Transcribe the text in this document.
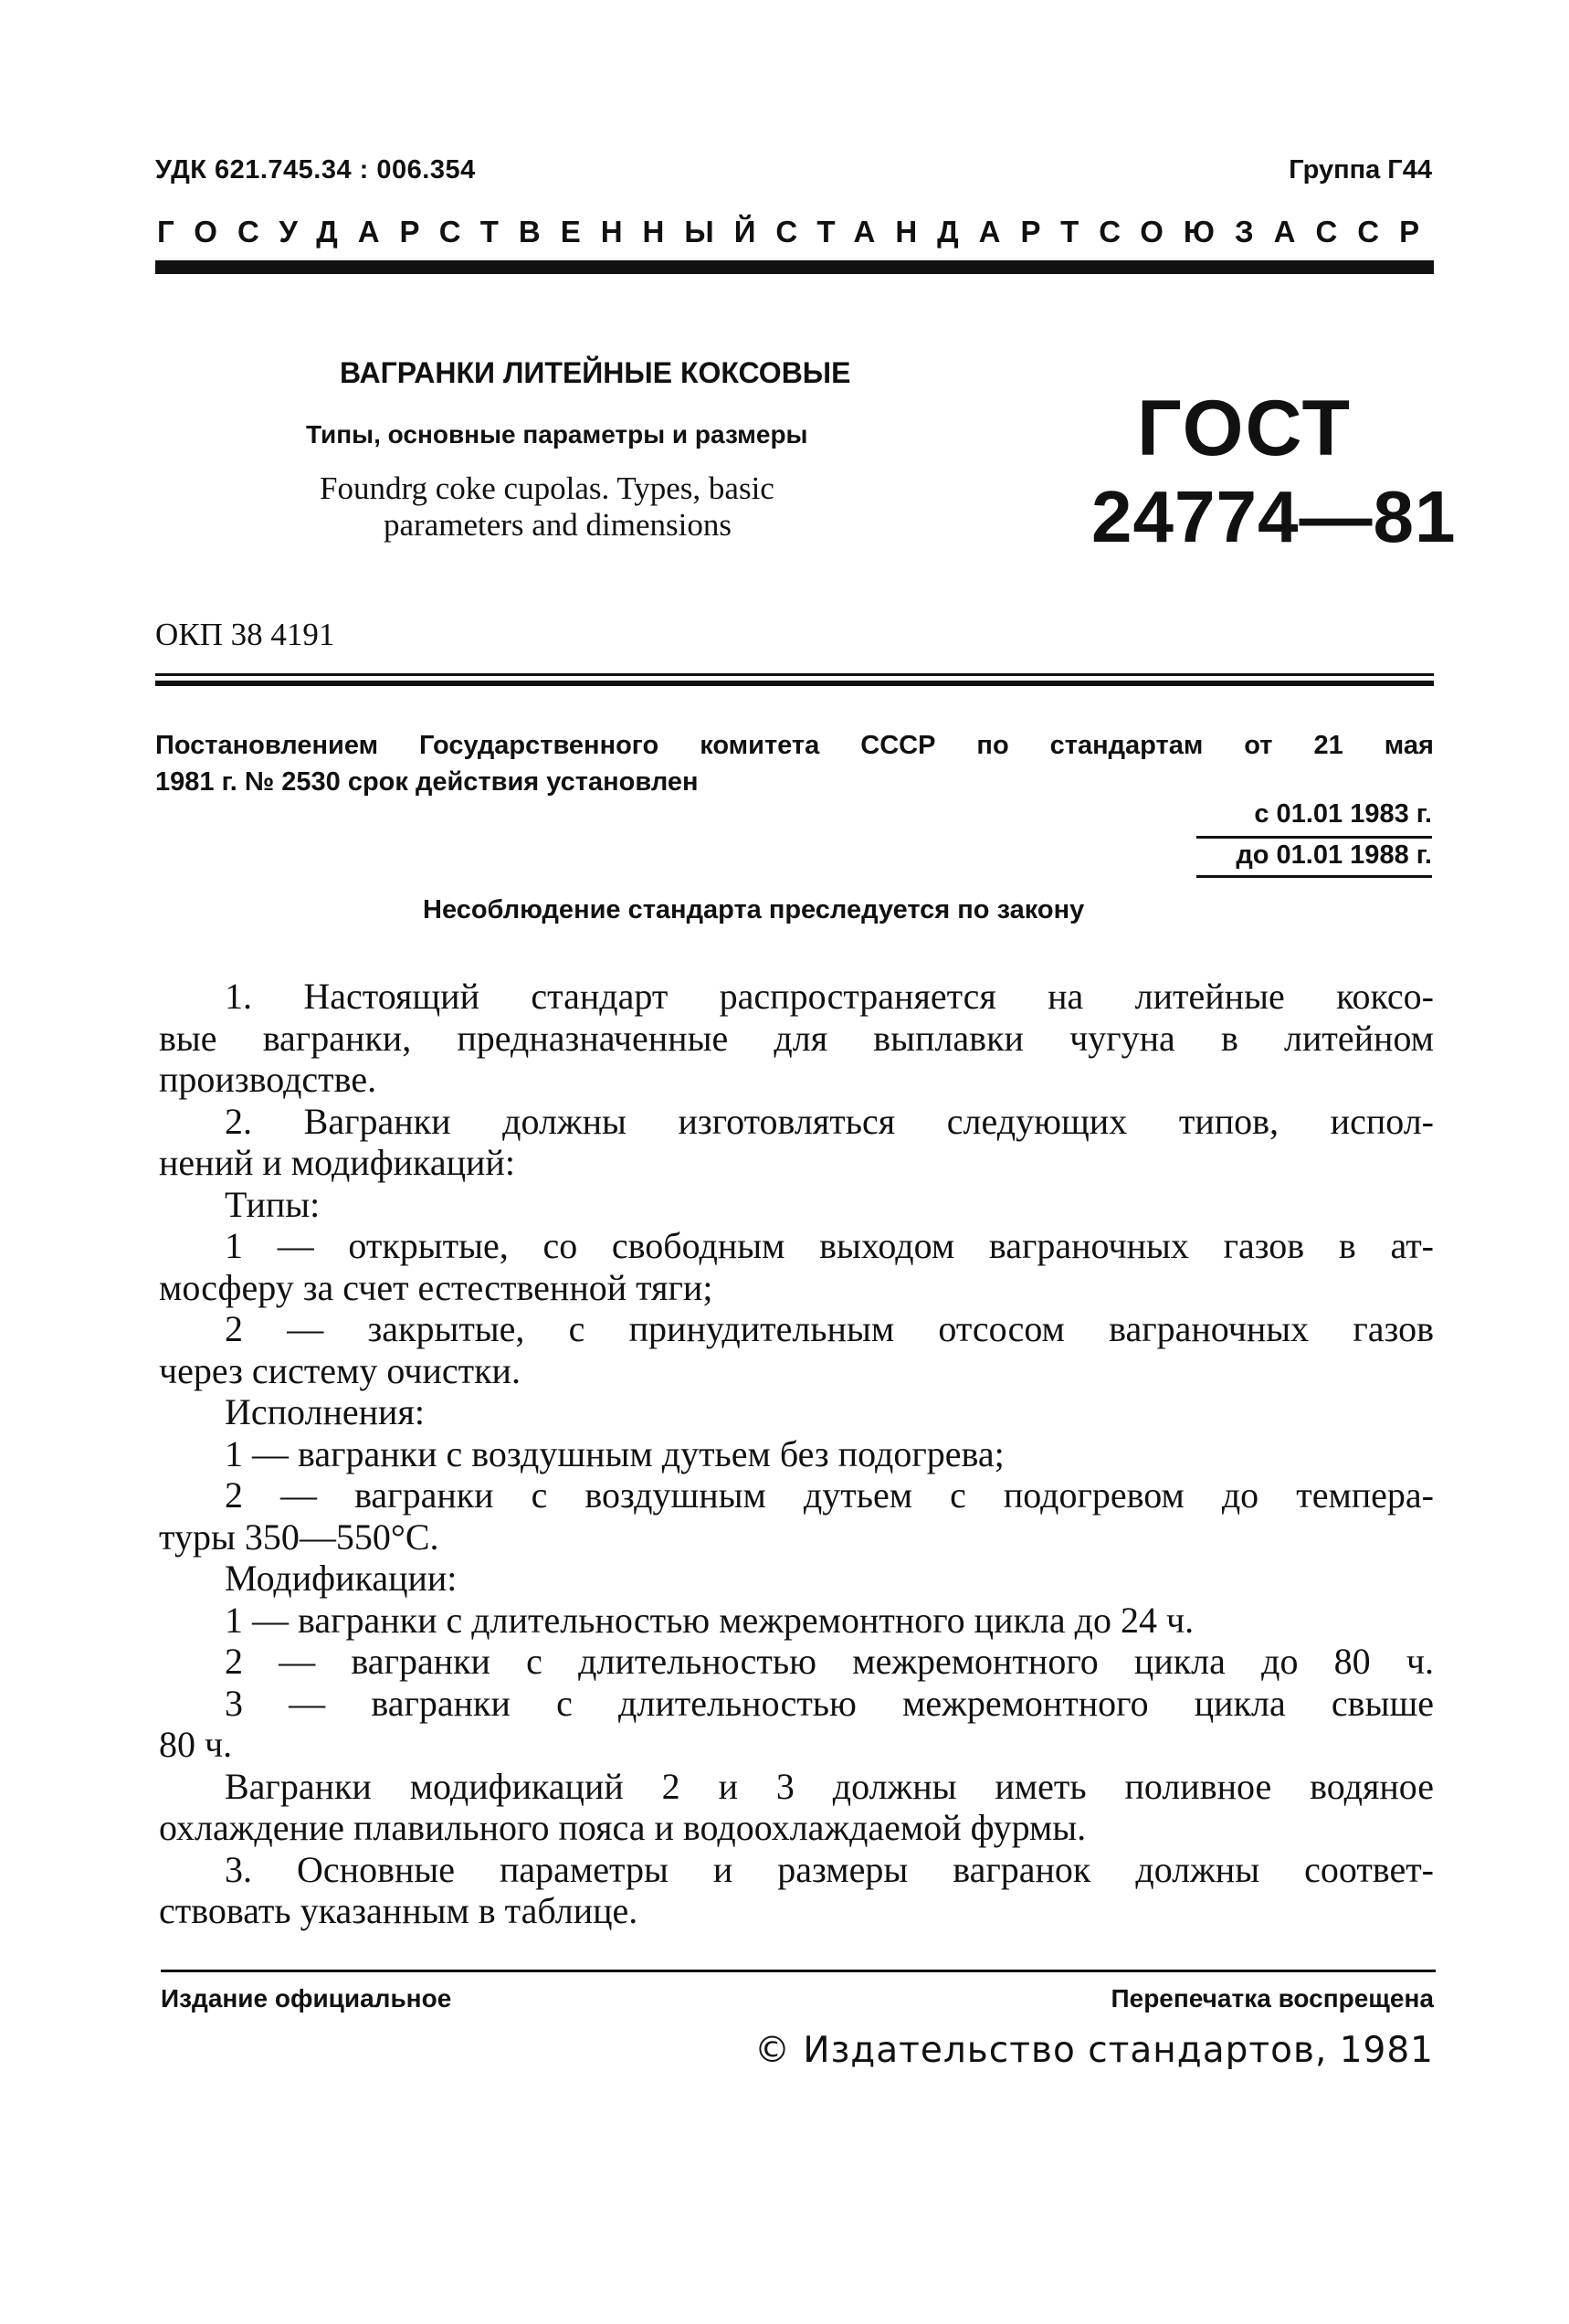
УДК 621.745.34 : 006.354	Группа Г44
ГОСУДАРСТВЕННЫЙ СТАНДАРТ СОЮЗА ССР
ВАГРАНКИ ЛИТЕЙНЫЕ КОКСОВЫЕ
Типы, основные параметры и размеры
Foundrg coke cupolas. Types, basic
parameters and dimensions
ГОСТ
24774—81
ОКП 38 4191
Постановлением Государственного комитета СССР по стандартам от 21 мая
1981 г. № 2530 срок действия установлен
с 01.01 1983 г.
до 01.01 1988 г.
Несоблюдение стандарта преследуется по закону

1. Настоящий стандарт распространяется на литейные коксо-

вые вагранки, предназначенные для выплавки чугуна в литейном

производстве.

2. Вагранки должны изготовляться следующих типов, испол-

нений и модификаций:

Типы:

1 — открытые, со свободным выходом ваграночных газов в ат-

мосферу за счет естественной тяги;

2 — закрытые, с принудительным отсосом ваграночных газов

через систему очистки.

Исполнения:

1 — вагранки с воздушным дутьем без подогрева;

2 — вагранки с воздушным дутьем с подогревом до темпера-

туры 350—550°С.

Модификации:

1 — вагранки с длительностью межремонтного цикла до 24 ч.

2 — вагранки с длительностью межремонтного цикла до 80 ч.

3 — вагранки с длительностью межремонтного цикла свыше

80 ч.

Вагранки модификаций 2 и 3 должны иметь поливное водяное

охлаждение плавильного пояса и водоохлаждаемой фурмы.

3. Основные параметры и размеры вагранок должны соответ-

ствовать указанным в таблице.

Издание официальное	Перепечатка воспрещена
© Издательство стандартов, 1981
